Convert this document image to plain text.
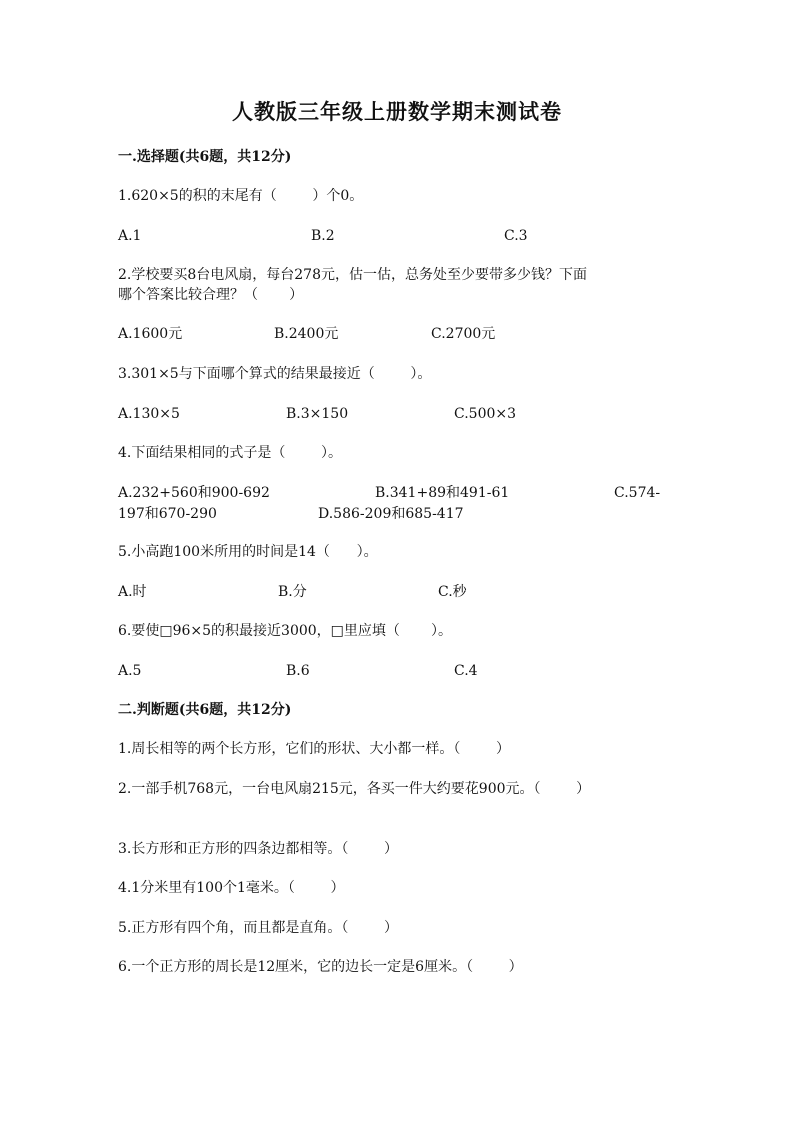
人教版三年级上册数学期末测试卷
一.选择题(共6题，共12分)
1.620×5的积的末尾有（        ）个0。
A.1	B.2	C.3
2.学校要买8台电风扇，每台278元，估一估，总务处至少要带多少钱？下面
哪个答案比较合理？（       ）
A.1600元	B.2400元	C.2700元
3.301×5与下面哪个算式的结果最接近（        ）。
A.130×5	B.3×150	C.500×3
4.下面结果相同的式子是（        ）。
A.232+560和900-692	B.341+89和491-61	C.574-
197和670-290	D.586-209和685-417
5.小高跑100米所用的时间是14（      ）。
A.时	B.分	C.秒
6.要使□96×5的积最接近3000，□里应填（       ）。
A.5	B.6	C.4
二.判断题(共6题，共12分)
1.周长相等的两个长方形，它们的形状、大小都一样。（        ）
2.一部手机768元，一台电风扇215元，各买一件大约要花900元。（        ）
3.长方形和正方形的四条边都相等。（        ）
4.1分米里有100个1毫米。（        ）
5.正方形有四个角，而且都是直角。（        ）
6.一个正方形的周长是12厘米，它的边长一定是6厘米。（        ）
